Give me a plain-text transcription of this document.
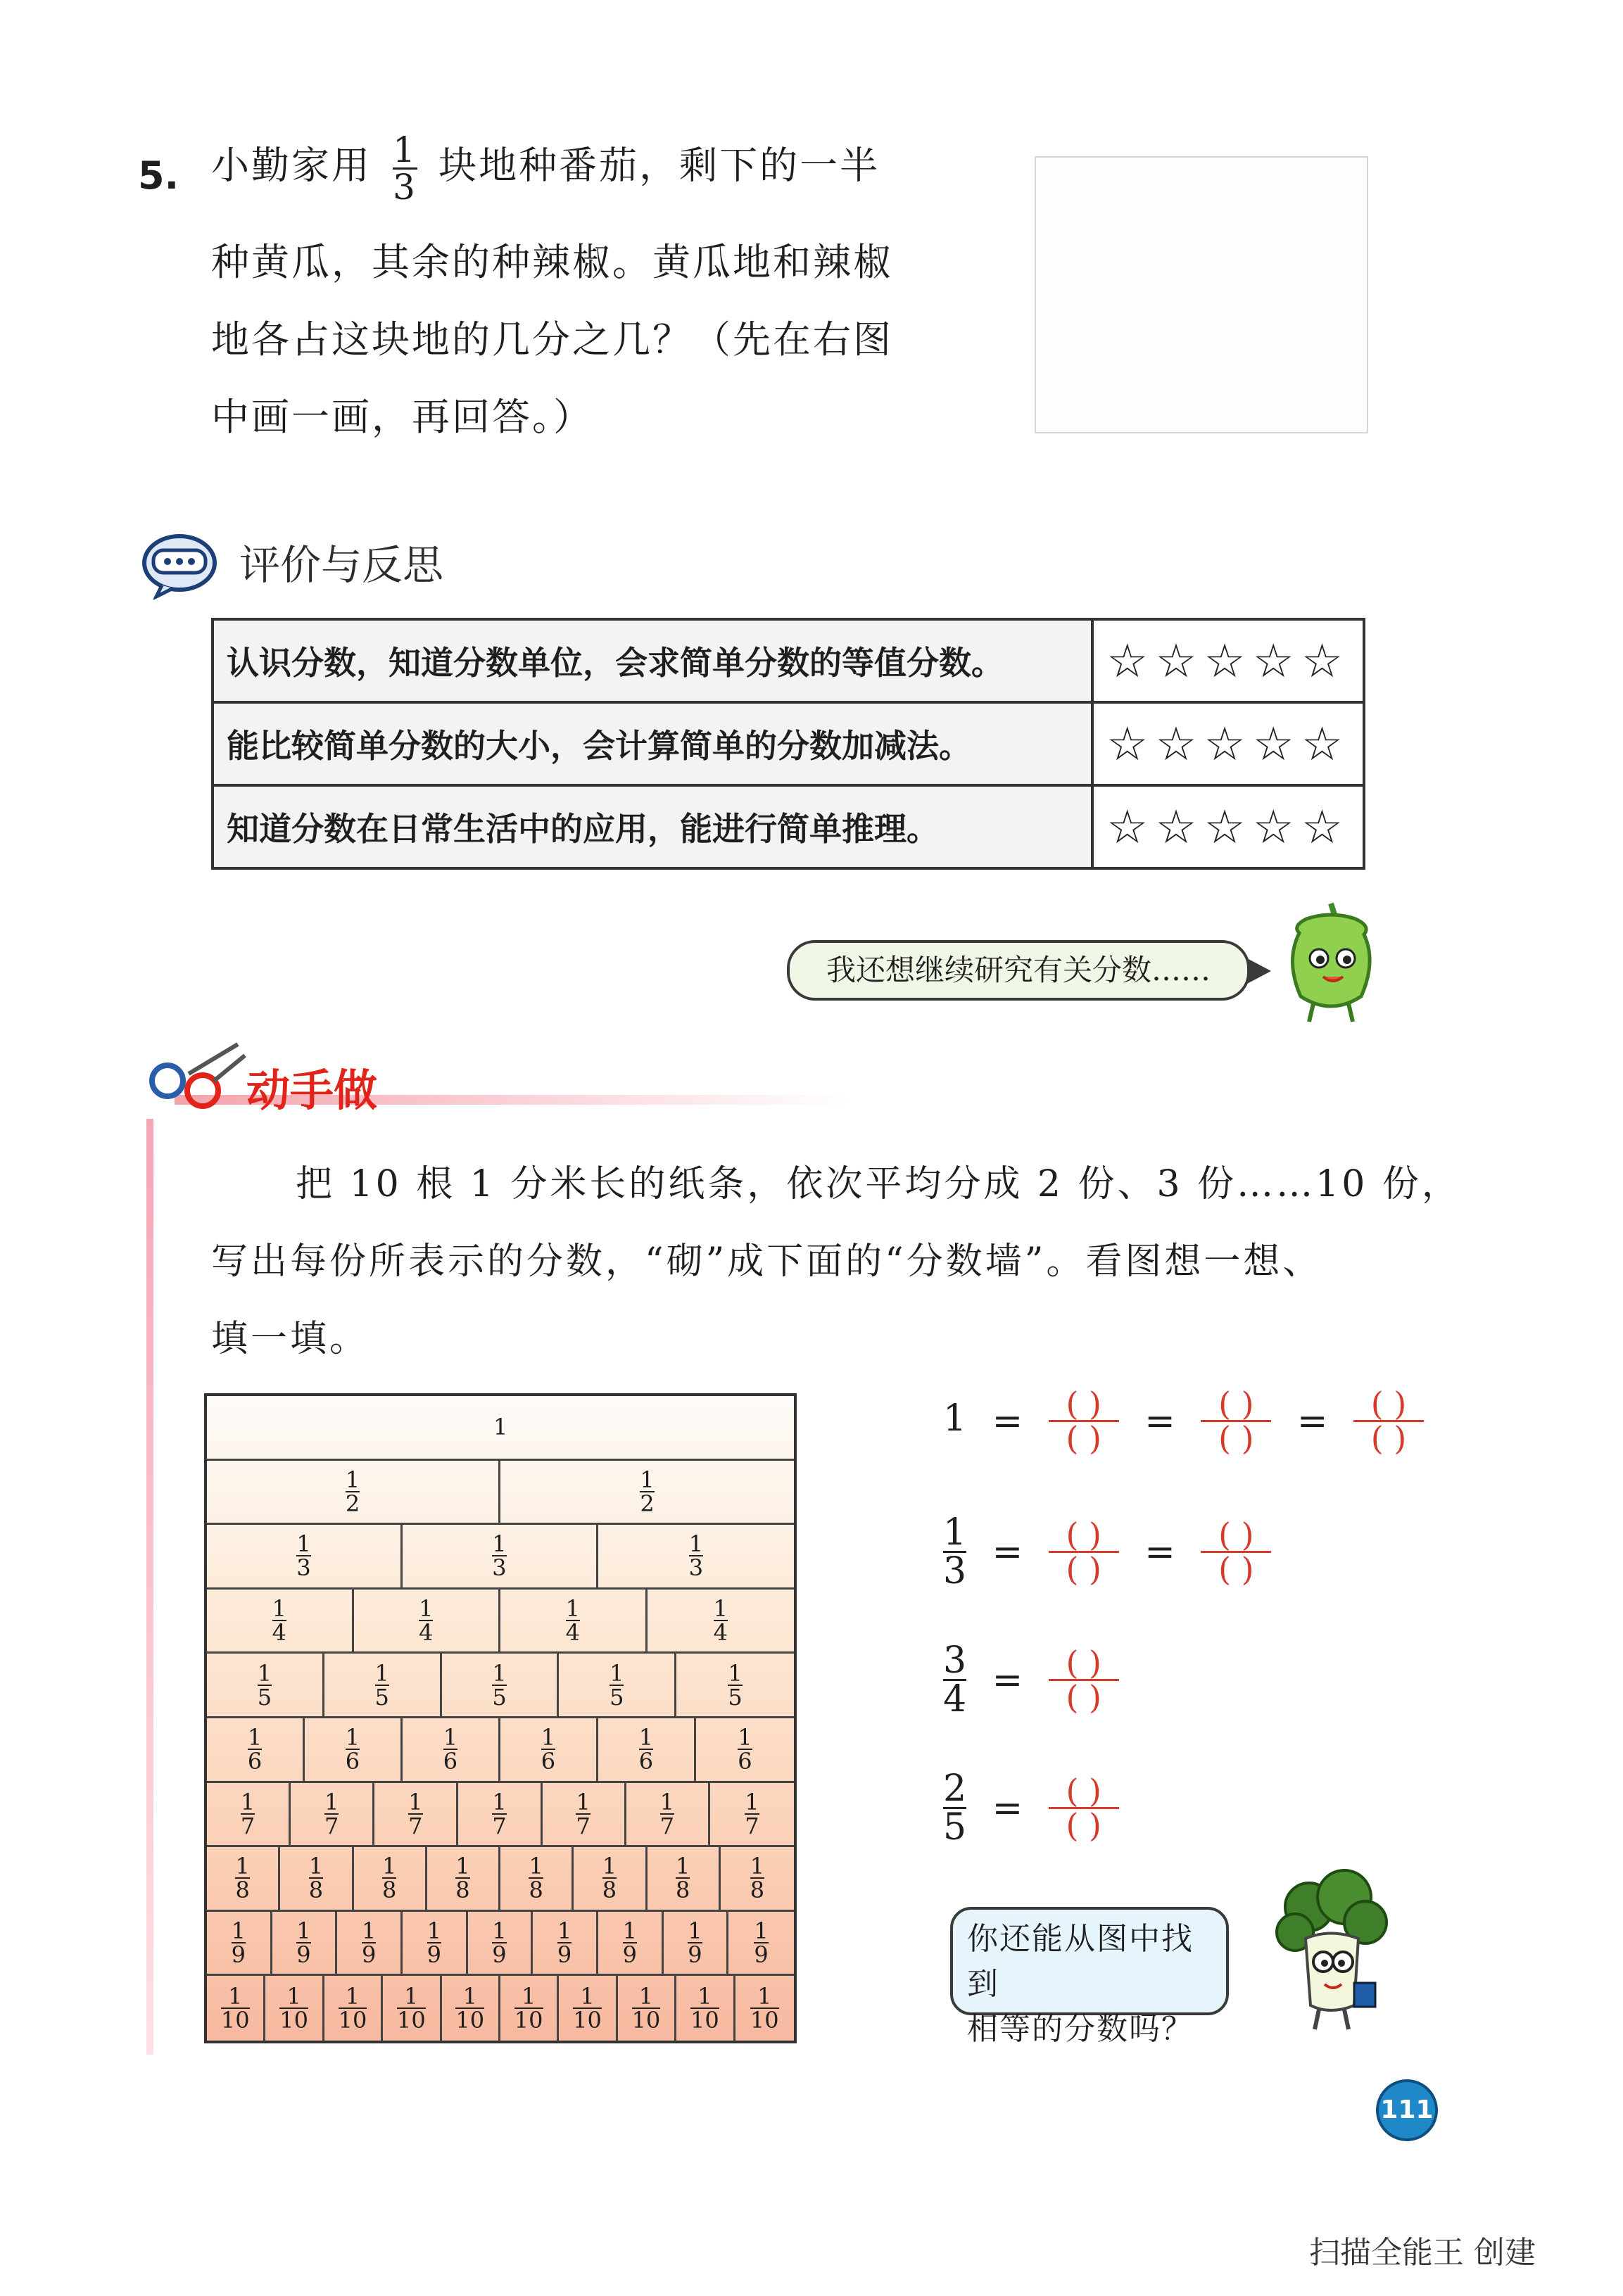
5. 小勤家用 $\frac{1}{3}$ 块地种番茄，剩下的一半
种黄瓜，其余的种辣椒。黄瓜地和辣椒
地各占这块地的几分之几？（先在右图
中画一画，再回答。）
评价与反思
认识分数，知道分数单位，会求简单分数的等值分数。	☆☆☆☆☆
能比较简单分数的大小，会计算简单的分数加减法。	☆☆☆☆☆
知道分数在日常生活中的应用，能进行简单推理。	☆☆☆☆☆
我还想继续研究有关分数……
动手做
把 10 根 1 分米长的纸条，依次平均分成 2 份、3 份……10 份，
写出每份所表示的分数，“砌”成下面的“分数墙”。看图想一想、
填一填。
1
$\frac{1}{2}$	$\frac{1}{2}$
$\frac{1}{3}$	$\frac{1}{3}$	$\frac{1}{3}$
$\frac{1}{4}$	$\frac{1}{4}$	$\frac{1}{4}$	$\frac{1}{4}$
$\frac{1}{5}$	$\frac{1}{5}$	$\frac{1}{5}$	$\frac{1}{5}$	$\frac{1}{5}$
$\frac{1}{6}$	$\frac{1}{6}$	$\frac{1}{6}$	$\frac{1}{6}$	$\frac{1}{6}$	$\frac{1}{6}$
$\frac{1}{7}$	$\frac{1}{7}$	$\frac{1}{7}$	$\frac{1}{7}$	$\frac{1}{7}$	$\frac{1}{7}$	$\frac{1}{7}$
$\frac{1}{8}$	$\frac{1}{8}$	$\frac{1}{8}$	$\frac{1}{8}$	$\frac{1}{8}$	$\frac{1}{8}$	$\frac{1}{8}$	$\frac{1}{8}$
$\frac{1}{9} \frac{1}{9} \frac{1}{9} \frac{1}{9} \frac{1}{9} \frac{1}{9} \frac{1}{9} \frac{1}{9} \frac{1}{9}$
$\frac{1}{10} \frac{1}{10} \frac{1}{10} \frac{1}{10} \frac{1}{10} \frac{1}{10} \frac{1}{10} \frac{1}{10} \frac{1}{10} \frac{1}{10}$
$1 = \frac{( )}{( )} = \frac{( )}{( )} = \frac{( )}{( )}$
$\frac{1}{3} = \frac{( )}{( )} = \frac{( )}{( )}$
$\frac{3}{4} = \frac{( )}{( )}$
$\frac{2}{5} = \frac{( )}{( )}$
你还能从图中找到
相等的分数吗？
111
扫描全能王 创建
